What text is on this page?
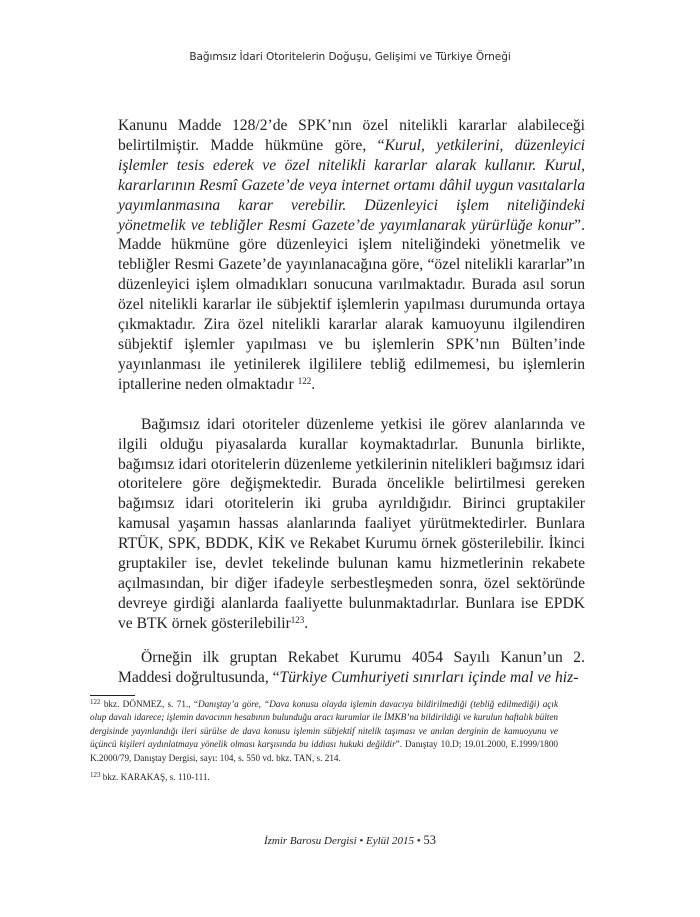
Bağımsız İdari Otoritelerin Doğuşu, Gelişimi ve Türkiye Örneği

Kanunu Madde 128/2’de SPK’nın özel nitelikli kararlar alabileceği belirtilmiştir. Madde hükmüne göre, “Kurul, yetkilerini, düzenleyici işlemler tesis ederek ve özel nitelikli kararlar alarak kullanır. Kurul, kararlarının Resmî Gazete’de veya internet ortamı dâhil uygun vasıtalarla yayımlanmasına karar verebilir. Düzenleyici işlem niteliğindeki yönetmelik ve tebliğler Resmi Gazete’de yayımlanarak yürürlüğe konur”. Madde hükmüne göre düzenleyici işlem niteliğindeki yönetmelik ve tebliğler Resmi Gazete’de yayınlanacağına göre, “özel nitelikli kararlar”ın düzenleyici işlem olmadıkları sonucuna varılmaktadır. Burada asıl sorun özel nitelikli kararlar ile sübjektif işlemlerin yapılması durumunda ortaya çıkmaktadır. Zira özel nitelikli kararlar alarak kamuoyunu ilgilendiren sübjektif işlemler yapılması ve bu işlemlerin SPK’nın Bülten’inde yayınlanması ile yetinilerek ilgililere tebliğ edilmemesi, bu işlemlerin iptallerine neden olmaktadır $^{122}$.

Bağımsız idari otoriteler düzenleme yetkisi ile görev alanlarında ve ilgili olduğu piyasalarda kurallar koymaktadırlar. Bununla birlikte, bağımsız idari otoritelerin düzenleme yetkilerinin nitelikleri bağımsız idari otoritelere göre değişmektedir. Burada öncelikle belirtilmesi gereken bağımsız idari otoritelerin iki gruba ayrıldığıdır. Birinci gruptakiler kamusal yaşamın hassas alanlarında faaliyet yürütmektedirler. Bunlara RTÜK, SPK, BDDK, KİK ve Rekabet Kurumu örnek gösterilebilir. İkinci gruptakiler ise, devlet tekelinde bulunan kamu hizmetlerinin rekabete açılmasından, bir diğer ifadeyle serbestleşmeden sonra, özel sektöründe devreye girdiği alanlarda faaliyette bulunmaktadırlar. Bunlara ise EPDK ve BTK örnek gösterilebilir$^{123}$.

Örneğin ilk gruptan Rekabet Kurumu 4054 Sayılı Kanun’un 2. Maddesi doğrultusunda, “Türkiye Cumhuriyeti sınırları içinde mal ve hiz-

$^{122}$ bkz. DÖNMEZ, s. 71., “Danıştay’a göre, “Dava konusu olayda işlemin davacıya bildirilmediği (tebliğ edilmediği) açık olup davalı idarece; işlemin davacının hesabının bulunduğu aracı kurumlar ile İMKB’na bildirildiği ve kurulun haftalık bülten dergisinde yayınlandığı ileri sürülse de dava konusu işlemin sübjektif nitelik taşıması ve anılan derginin de kamuoyunu ve üçüncü kişileri aydınlatmaya yönelik olması karşısında bu iddiası hukuki değildir”. Danıştay 10.D; 19.01.2000, E.1999/1800 K.2000/79, Danıştay Dergisi, sayı: 104, s. 550 vd. bkz. TAN, s. 214.

$^{123}$ bkz. KARAKAŞ, s. 110-111.

İzmir Barosu Dergisi • Eylül 2015 • 53
